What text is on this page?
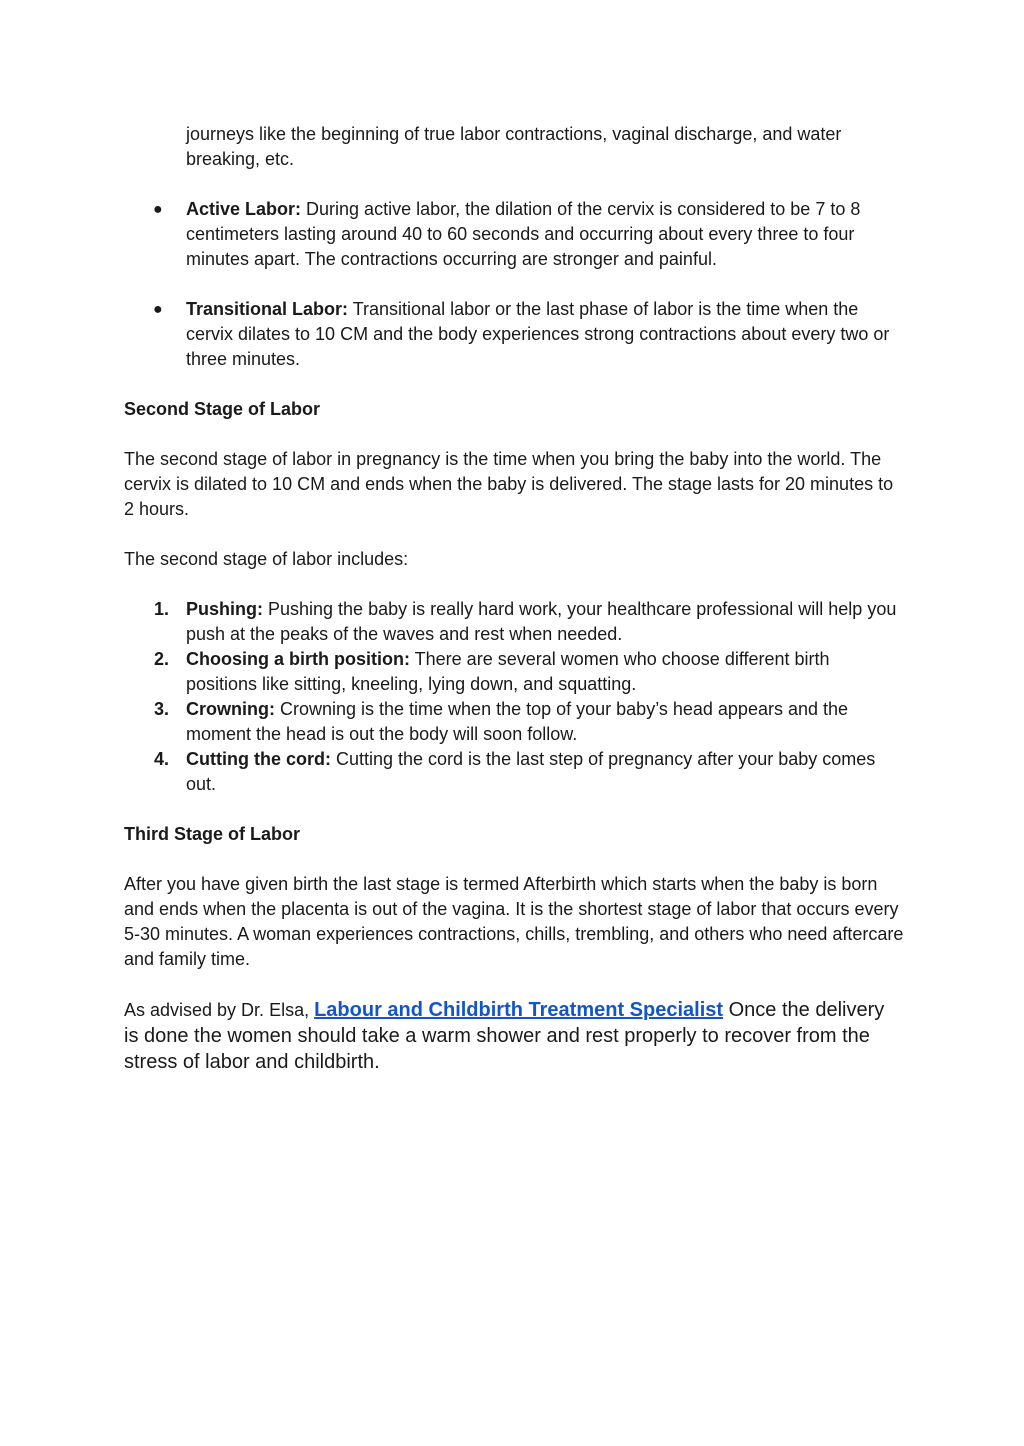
journeys like the beginning of true labor contractions, vaginal discharge, and water breaking, etc.

● Active Labor: During active labor, the dilation of the cervix is considered to be 7 to 8 centimeters lasting around 40 to 60 seconds and occurring about every three to four minutes apart. The contractions occurring are stronger and painful.

● Transitional Labor: Transitional labor or the last phase of labor is the time when the cervix dilates to 10 CM and the body experiences strong contractions about every two or three minutes.

Second Stage of Labor

The second stage of labor in pregnancy is the time when you bring the baby into the world. The cervix is dilated to 10 CM and ends when the baby is delivered. The stage lasts for 20 minutes to 2 hours.

The second stage of labor includes:

1. Pushing: Pushing the baby is really hard work, your healthcare professional will help you push at the peaks of the waves and rest when needed.

2. Choosing a birth position: There are several women who choose different birth positions like sitting, kneeling, lying down, and squatting.

3. Crowning: Crowning is the time when the top of your baby’s head appears and the moment the head is out the body will soon follow.

4. Cutting the cord: Cutting the cord is the last step of pregnancy after your baby comes out.

Third Stage of Labor

After you have given birth the last stage is termed Afterbirth which starts when the baby is born and ends when the placenta is out of the vagina. It is the shortest stage of labor that occurs every 5-30 minutes. A woman experiences contractions, chills, trembling, and others who need aftercare and family time.

As advised by Dr. Elsa, Labour and Childbirth Treatment Specialist Once the delivery is done the women should take a warm shower and rest properly to recover from the stress of labor and childbirth.
